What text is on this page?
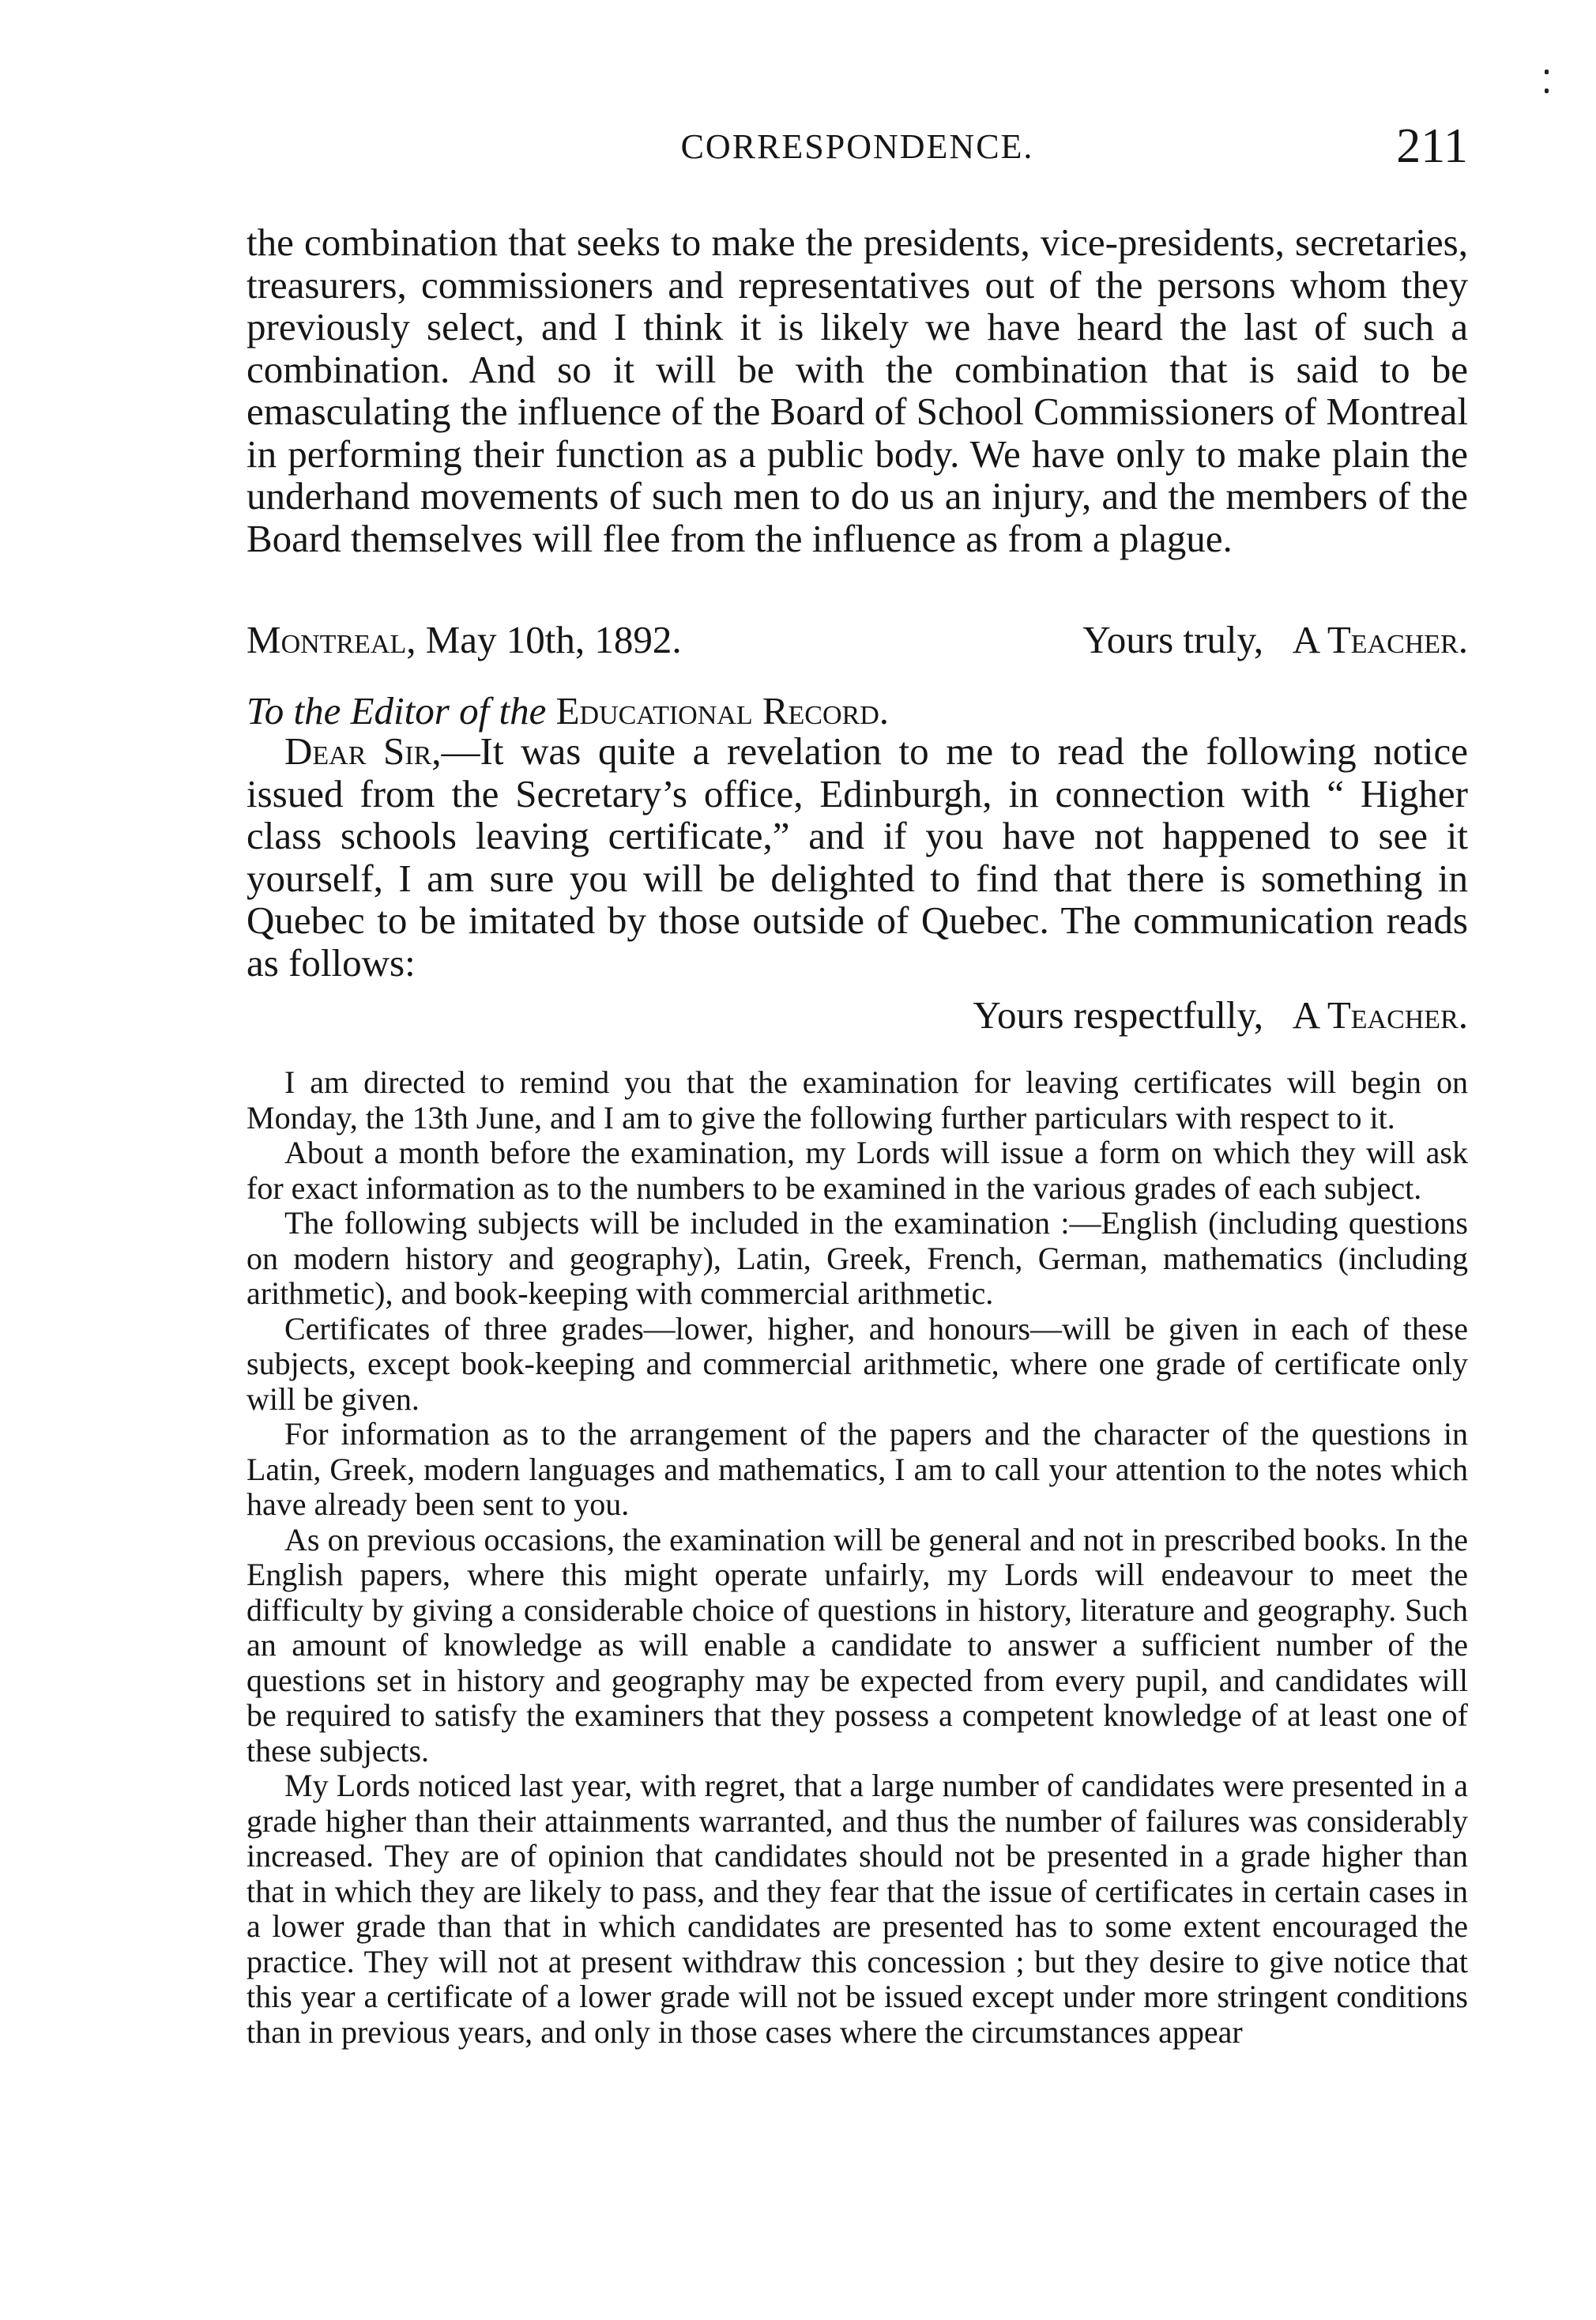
CORRESPONDENCE.	211

the combination that seeks to make the presidents, vice-presidents, secretaries, treasurers, commissioners and representatives out of the persons whom they previously select, and I think it is likely we have heard the last of such a combination. And so it will be with the combination that is said to be emasculating the influence of the Board of School Commissioners of Montreal in performing their function as a public body. We have only to make plain the underhand movements of such men to do us an injury, and the members of the Board themselves will flee from the influence as from a plague.

Montreal, May 10th, 1892.	Yours truly, A Teacher.
To the Editor of the Educational Record.

Dear Sir,—It was quite a revelation to me to read the following notice issued from the Secretary’s office, Edinburgh, in connection with “ Higher class schools leaving certificate,” and if you have not happened to see it yourself, I am sure you will be delighted to find that there is something in Quebec to be imitated by those outside of Quebec. The communication reads as follows:

Yours respectfully, A Teacher.

I am directed to remind you that the examination for leaving certificates will begin on Monday, the 13th June, and I am to give the following further particulars with respect to it.

About a month before the examination, my Lords will issue a form on which they will ask for exact information as to the numbers to be examined in the various grades of each subject.

The following subjects will be included in the examination :—English (including questions on modern history and geography), Latin, Greek, French, German, mathematics (including arithmetic), and book-keeping with commercial arithmetic.

Certificates of three grades—lower, higher, and honours—will be given in each of these subjects, except book-keeping and commercial arithmetic, where one grade of certificate only will be given.

For information as to the arrangement of the papers and the character of the questions in Latin, Greek, modern languages and mathematics, I am to call your attention to the notes which have already been sent to you.

As on previous occasions, the examination will be general and not in prescribed books. In the English papers, where this might operate unfairly, my Lords will endeavour to meet the difficulty by giving a considerable choice of questions in history, literature and geography. Such an amount of knowledge as will enable a candidate to answer a sufficient number of the questions set in history and geography may be expected from every pupil, and candidates will be required to satisfy the examiners that they possess a competent knowledge of at least one of these subjects.

My Lords noticed last year, with regret, that a large number of candidates were presented in a grade higher than their attainments warranted, and thus the number of failures was considerably increased. They are of opinion that candidates should not be presented in a grade higher than that in which they are likely to pass, and they fear that the issue of certificates in certain cases in a lower grade than that in which candidates are presented has to some extent encouraged the practice. They will not at present withdraw this concession ; but they desire to give notice that this year a certificate of a lower grade will not be issued except under more stringent conditions than in previous years, and only in those cases where the circumstances appear
